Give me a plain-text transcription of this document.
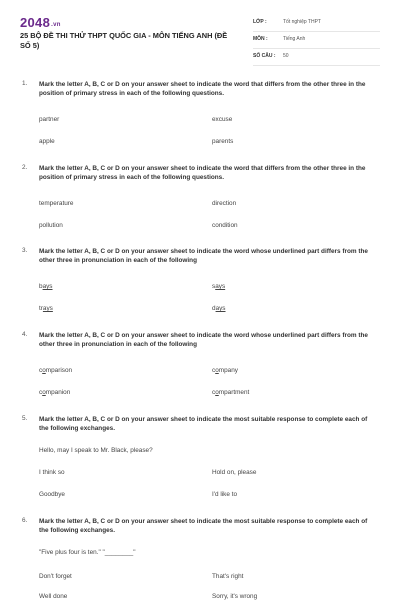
2048.vn
25 BỘ ĐỀ THI THỬ THPT QUỐC GIA - MÔN TIẾNG ANH (ĐỀ SỐ 5)
LỚP :	Tốt nghiệp THPT
MÔN :	Tiếng Anh
SỐ CÂU : 50
1. Mark the letter A, B, C or D on your answer sheet to indicate the word that differs from the other three in the position of primary stress in each of the following questions.
partner	excuse
apple	parents
2. Mark the letter A, B, C or D on your answer sheet to indicate the word that differs from the other three in the position of primary stress in each of the following questions.
temperature	direction
pollution	condition
3. Mark the letter A, B, C or D on your answer sheet to indicate the word whose underlined part differs from the other three in pronunciation in each of the following
bays	says
trays	days
4. Mark the letter A, B, C or D on your answer sheet to indicate the word whose underlined part differs from the other three in pronunciation in each of the following
comparison	company
companion	compartment
5. Mark the letter A, B, C or D on your answer sheet to indicate the most suitable response to complete each of the following exchanges.
Hello, may I speak to Mr. Black, please?
I think so	Hold on, please
Goodbye	I'd like to
6. Mark the letter A, B, C or D on your answer sheet to indicate the most suitable response to complete each of the following exchanges.
"Five plus four is ten." "________"
Don't forget	That's right
Well done	Sorry, it's wrong
